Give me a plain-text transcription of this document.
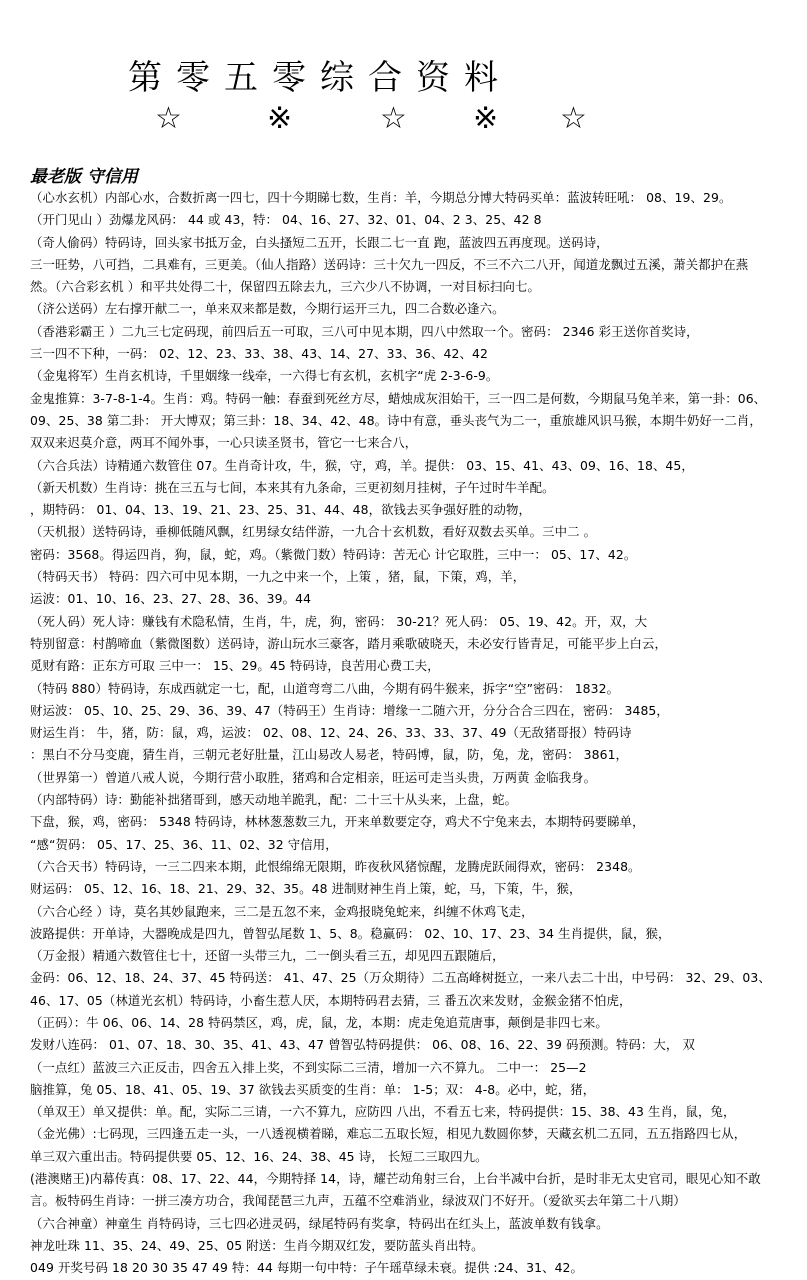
第零五零综合资料
☆	※	☆ ※ ☆
最老版 守信用
（心水玄机）内部心水，合数折离一四七，四十今期睇七数，生肖：羊，今期总分博大特码买单：蓝波转旺吼： 08、19、29。
（开门见山 ）劲爆龙风码： 44 或 43，特： 04、16、27、32、01、04、2 3、25、42 8
（奇人偷码）特码诗，回头家书抵万金，白头搔短二五开，长跟二七一直 跑，蓝波四五再度现。送码诗，
三一旺势，八可挡，二具难有，三更美。（仙人指路）送码诗：三十欠九一四反，不三不六二八开，闻道龙飘过五溪，萧关都护在燕
然。（六合彩玄机 ）和平共处得二十，保留四五除去九，三六少八不协调，一对目标扫向七。
（济公送码）左右撑开献二一，单来双来都是数，今期行运开三九，四二合数必逢六。
（香港彩霸王 ）二九三七定码现，前四后五一可取，三八可中见本期，四八中然取一个。密码： 2346 彩王送你首奖诗，
三一四不下种，一码： 02、12、23、33、38、43、14、27、33、36、42、42
（金鬼将军）生肖玄机诗，千里姻缘一线牵，一六得七有玄机，玄机字“虎 2-3-6-9。
金鬼推算：3-7-8-1-4。生肖：鸡。特码一触：春蚕到死丝方尽，蜡烛成灰泪始干，三一四二是何数，今期鼠马兔羊来，第一卦：06、
09、25、38 第二卦： 开大博双；第三卦：18、34、42、48。诗中有意，垂头丧气为二一，重旅雄风识马猴，本期牛奶好一二肖，
双双来迟莫介意，两耳不闻外事，一心只读圣贤书，管它一七来合八，
（六合兵法）诗精通六数管住 07。生肖奇计攻，牛，猴，守，鸡，羊。提供： 03、15、41、43、09、16、18、45，
（新天机数）生肖诗：挑在三五与七间，本来其有九条命，三更初刻月挂树，子午过时牛羊配。
，期特码： 01、04、13、19、21、23、25、31、44、48，欲钱去买争强好胜的动物，
（天机报）送特码诗，垂柳低随风飘，红男绿女结伴游，一九合十玄机数，看好双数去买单。三中二 。
密码：3568。得运四肖，狗，鼠，蛇，鸡。（紫微门数）特码诗：苦无心 计它取胜，三中一： 05、17、42。
（特码天书） 特码：四六可中见本期，一九之中来一个，上策 ，猪，鼠，下策，鸡，羊，
运波：01、10、16、23、27、28、36、39。44
（死人码）死人诗：赚钱有术隐私情，生肖，牛，虎，狗，密码： 30-21？死人码： 05、19、42。开，双，大
特别留意：村鹊啼血（紫微图数）送码诗，游山玩水三豪客，踏月乘歌破晓天，未必安行皆青足，可能平步上白云，
觅财有路：正东方可取 三中一： 15、29。45 特码诗，良苦用心费工夫，
（特码 880）特码诗，东成西就定一七，配，山道弯弯二八曲，今期有码牛猴来，拆字“空”密码： 1832。
财运波： 05、10、25、29、36、39、47（特码王）生肖诗：增缘一二随六开，分分合合三四在，密码： 3485，
财运生肖： 牛，猪，防：鼠，鸡，运波： 02、08、12、24、26、33、33、37、49（无敌猪哥报）特码诗
：黑白不分马变鹿，猜生肖，三朝元老好肚量，江山易改人易老，特码博，鼠，防，兔，龙，密码： 3861，
（世界第一）曾道八戒人说，今期行营小取胜，猪鸡和合定相亲，旺运可走当头贵，万两黄 金临我身。
（内部特码）诗：勤能补拙猪哥到，感天动地羊跪乳，配：二十三十从头来，上盘，蛇。
下盘，猴，鸡，密码： 5348 特码诗，林林葱葱数三九，开来单数要定夺，鸡犬不宁兔来去，本期特码要睇单，
“感“贺码： 05、17、25、36、11、02、32 守信用，
（六合天书）特码诗，一三二四来本期，此恨绵绵无限期，昨夜秋风猪惊醒，龙腾虎跃闹得欢，密码： 2348。
财运码： 05、12、16、18、21、29、32、35。48 进制财神生肖上策，蛇，马，下策，牛，猴，
（六合心经 ）诗，莫名其妙鼠跑来，三二是五忽不来，金鸡报晓兔蛇来，纠缠不休鸡飞走，
波路提供：开单诗，大器晚成是四九，曾智弘尾数 1、5、8。稳赢码： 02、10、17、23、34 生肖提供，鼠，猴，
（万金报）精通六数管住七十，还留一头带三九，二一倒头看三五，却见四五跟随后，
金码：06、12、18、24、37、45 特码送： 41、47、25（万众期待）二五高峰树挺立，一来八去二十出，中号码： 32、29、03、
46、17、05（林道光玄机）特码诗，小畜生惹人厌，本期特码君去猜，三 番五次来发财，金猴金猪不怕虎，
（正码）：牛 06、06、14、28 特码禁区，鸡，虎，鼠，龙，本期：虎走兔追荒唐事，颠倒是非四七来。
发财八连码： 01、07、18、30、35、41、43、47 曾智弘特码提供： 06、08、16、22、39 码预测。特码：大， 双
（一点红）蓝波三六正反击，四舍五入排上奖，不到实际二三清，增加一六不算九。 二中一： 25—2
脑推算，兔 05、18、41、05、19、37 欲钱去买质变的生肖：单： 1-5；双： 4-8。必中，蛇，猪，
（单双王）单又提供：单。配，实际二三请，一六不算九，应防四 八出，不看五七来，特码提供：15、38、43 生肖，鼠，兔，
（金光佛）:七码现，三四逢五走一头，一八透视横着睇，难忘二五取长短，相见九数圆你梦，天藏玄机二五同，五五指路四七从，
单三双六重出击。特码提供要 05、12、16、24、38、45 诗， 长短二三取四九。
(港澳赌王)内幕传真：08、17、22、44，今期特择 14，诗，耀芒动角射三台，上台半减中台折，是时非无太史官司，眼见心知不敢
言。板特码生肖诗：一拼三凑方功合，我闻琵琶三九声，五蕴不空难消业，绿波双门不好开。（爱欲买去年第二十八期）
（六合神童）神童生 肖特码诗，三七四必进灵码，绿尾特码有奖拿，特码出在红头上，蓝波单数有钱拿。
神龙吐珠 11、35、24、49、25、05 附送：生肖今期双红发，要防蓝头肖出特。
049 开奖号码 18 20 30 35 47 49 特：44 每期一句中特：子午瑶草绿未衰。提供 :24、31、42。
